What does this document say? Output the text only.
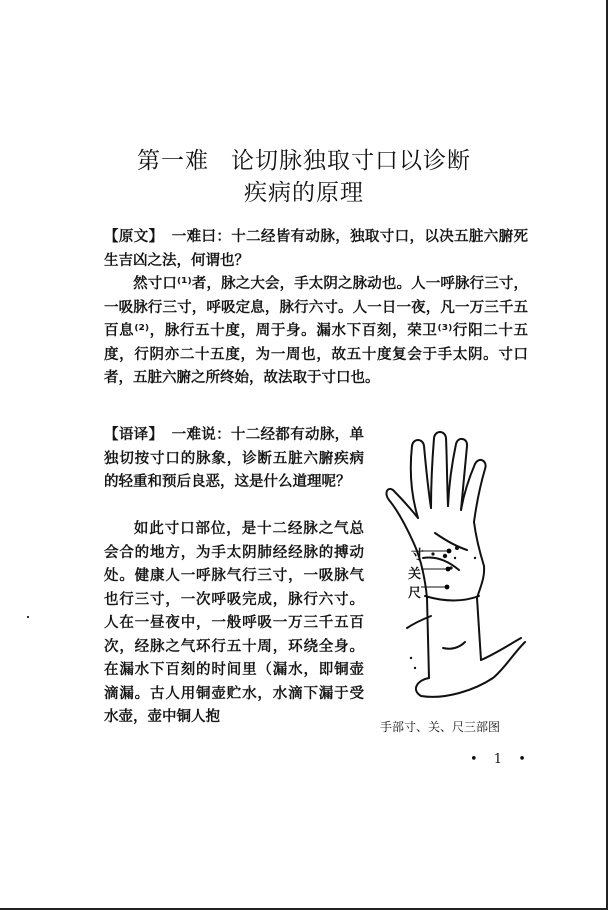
第一难 论切脉独取寸口以诊断
疾病的原理

【原文】 一难曰：十二经皆有动脉，独取寸口，以决五脏六腑死生吉凶之法，何谓也？

然寸口⁽¹⁾者，脉之大会，手太阴之脉动也。人一呼脉行三寸，一吸脉行三寸，呼吸定息，脉行六寸。人一日一夜，凡一万三千五百息⁽²⁾，脉行五十度，周于身。漏水下百刻，荣卫⁽³⁾行阳二十五度，行阴亦二十五度，为一周也，故五十度复会于手太阴。寸口者，五脏六腑之所终始，故法取于寸口也。

【语译】 一难说：十二经都有动脉，单独切按寸口的脉象，诊断五脏六腑疾病的轻重和预后良恶，这是什么道理呢？

如此寸口部位，是十二经脉之气总会合的地方，为手太阴肺经经脉的搏动处。健康人一呼脉气行三寸，一吸脉气也行三寸，一次呼吸完成，脉行六寸。人在一昼夜中，一般呼吸一万三千五百次，经脉之气环行五十周，环绕全身。在漏水下百刻的时间里（漏水，即铜壶滴漏。古人用铜壶贮水，水滴下漏于受水壶，壶中铜人抱

寸
关
尺
手部寸、关、尺三部图
• 1 •
